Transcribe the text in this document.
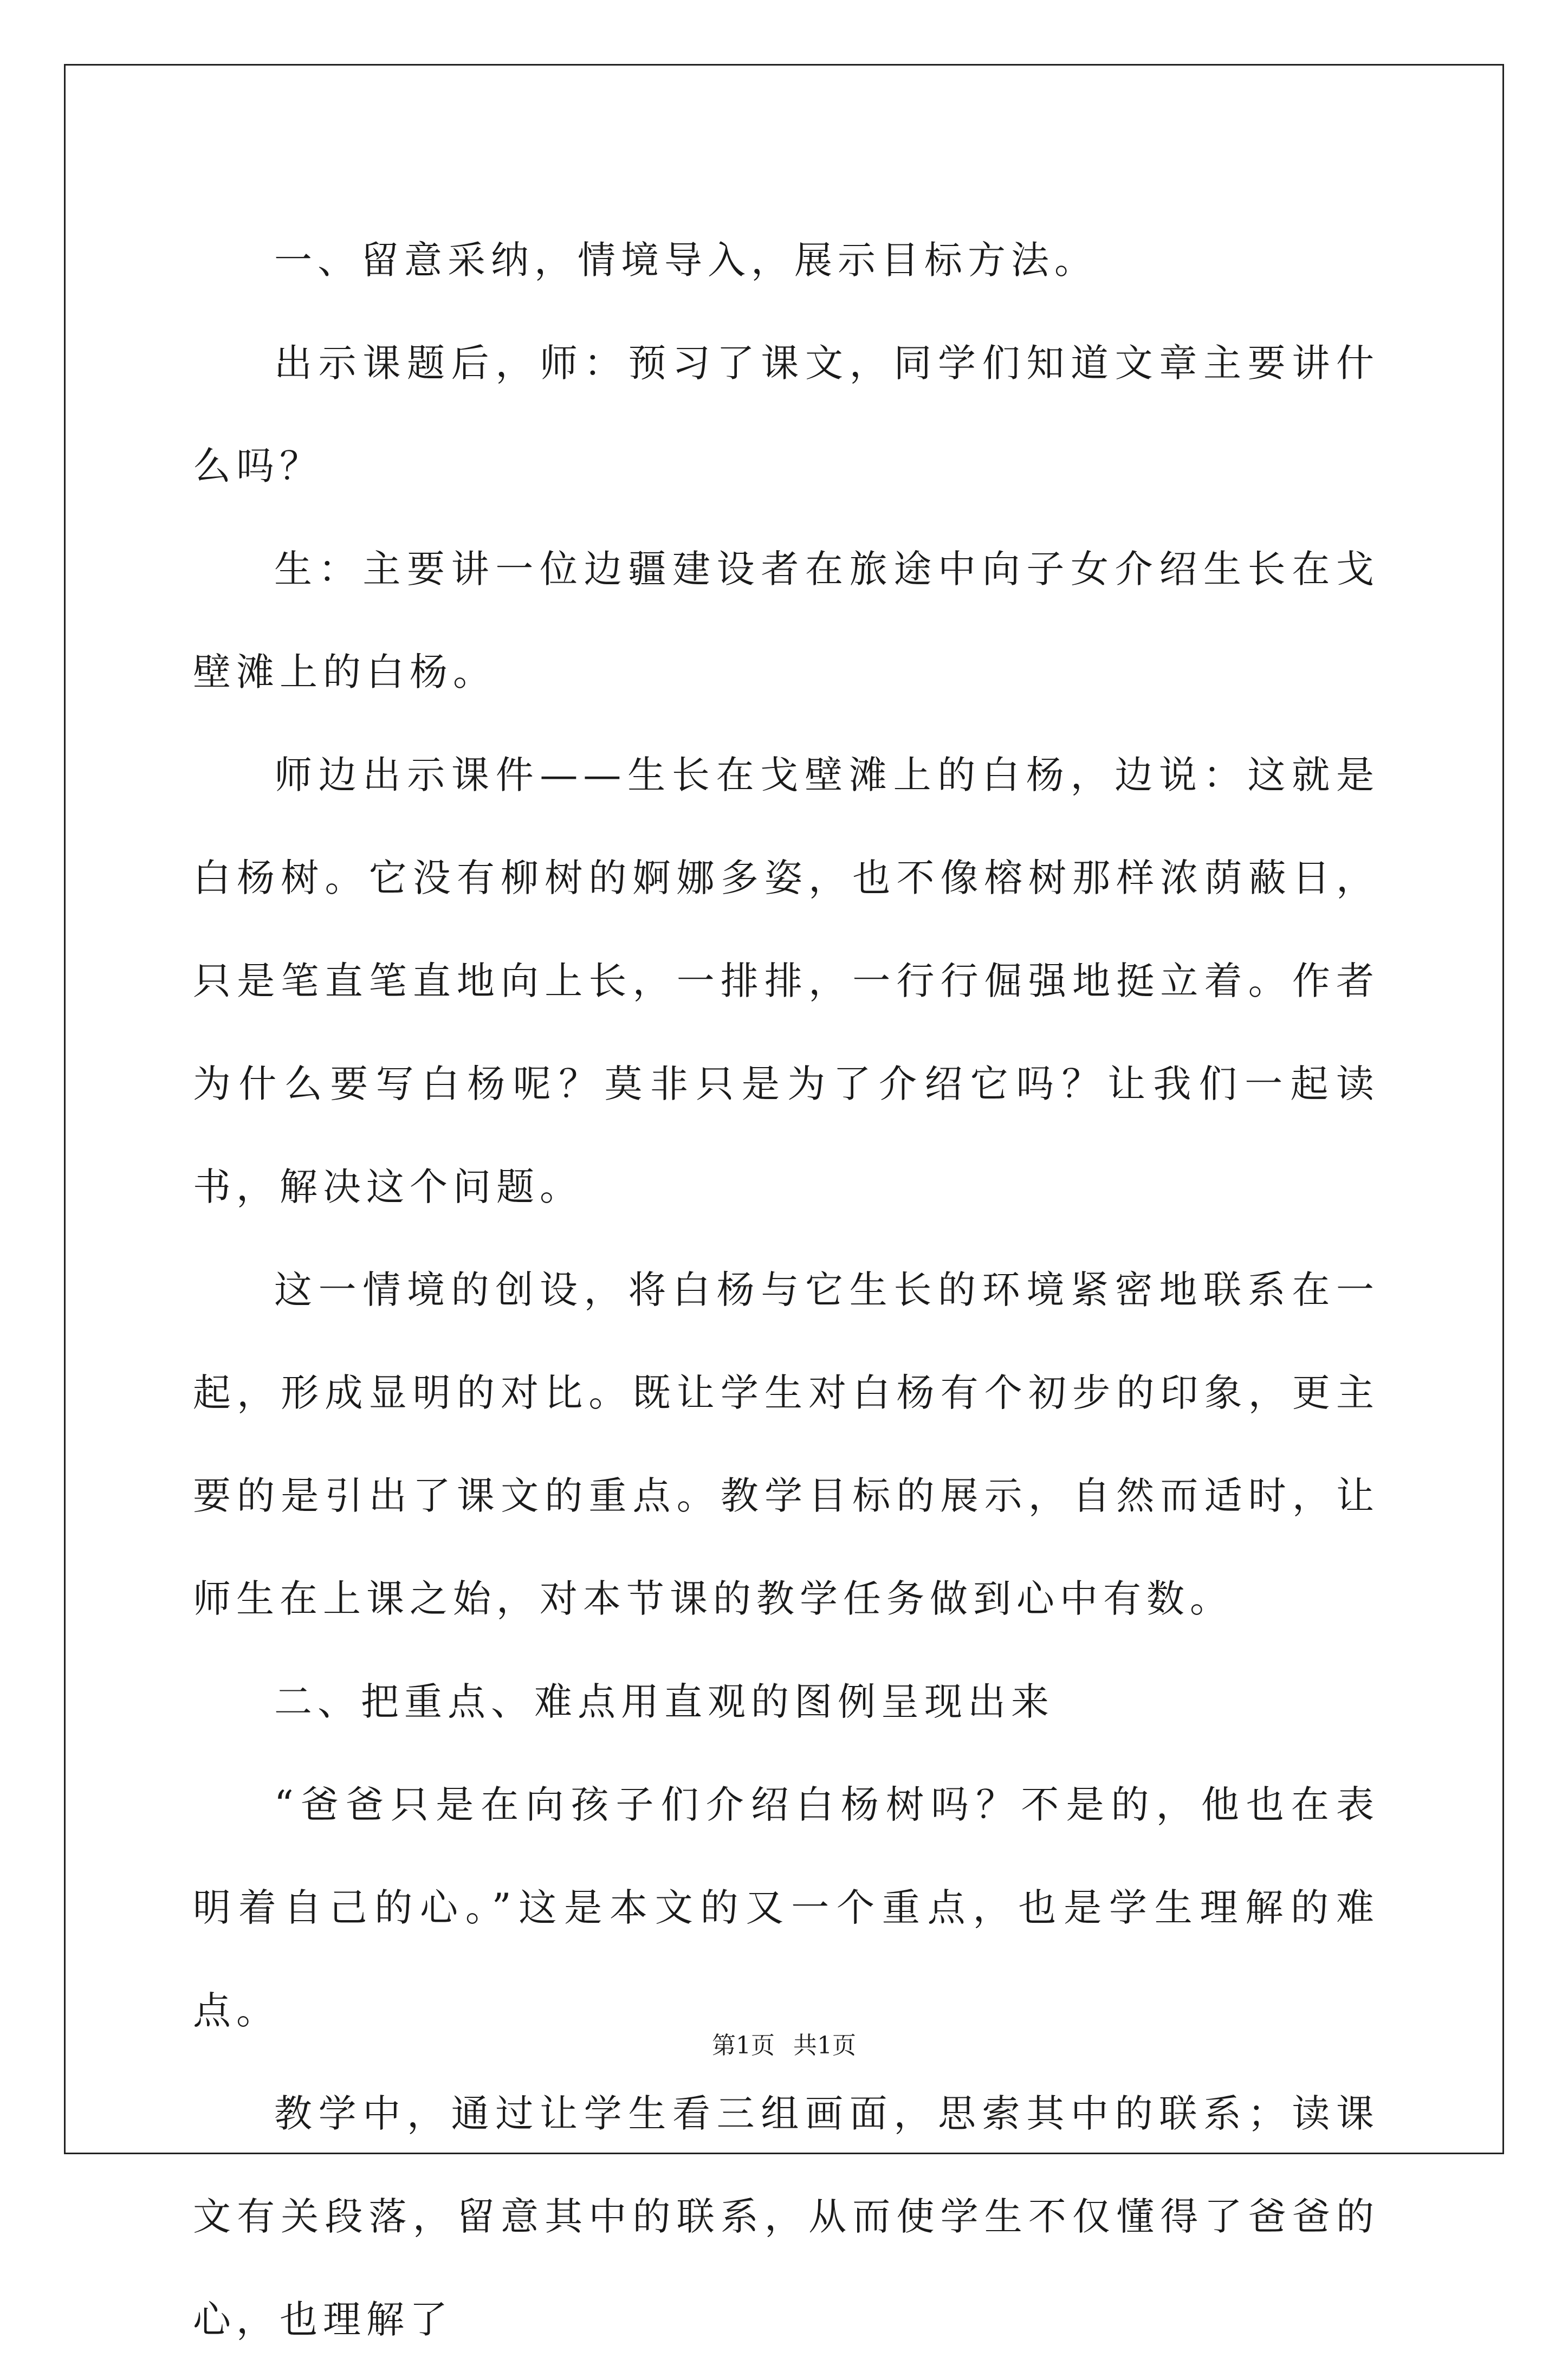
一、留意采纳，情境导入，展示目标方法。

出示课题后，师：预习了课文，同学们知道文章主要讲什么吗？

生：主要讲一位边疆建设者在旅途中向子女介绍生长在戈壁滩上的白杨。

师边出示课件——生长在戈壁滩上的白杨，边说：这就是白杨树。它没有柳树的婀娜多姿，也不像榕树那样浓荫蔽日，只是笔直笔直地向上长，一排排，一行行倔强地挺立着。作者为什么要写白杨呢？莫非只是为了介绍它吗？让我们一起读书，解决这个问题。

这一情境的创设，将白杨与它生长的环境紧密地联系在一起，形成显明的对比。既让学生对白杨有个初步的印象，更主要的是引出了课文的重点。教学目标的展示，自然而适时，让师生在上课之始，对本节课的教学任务做到心中有数。

二、把重点、难点用直观的图例呈现出来

“爸爸只是在向孩子们介绍白杨树吗？不是的，他也在表明着自己的心。”这是本文的又一个重点，也是学生理解的难点。

教学中，通过让学生看三组画面，思索其中的联系；读课文有关段落，留意其中的联系，从而使学生不仅懂得了爸爸的心，也理解了

第1页 共1页
